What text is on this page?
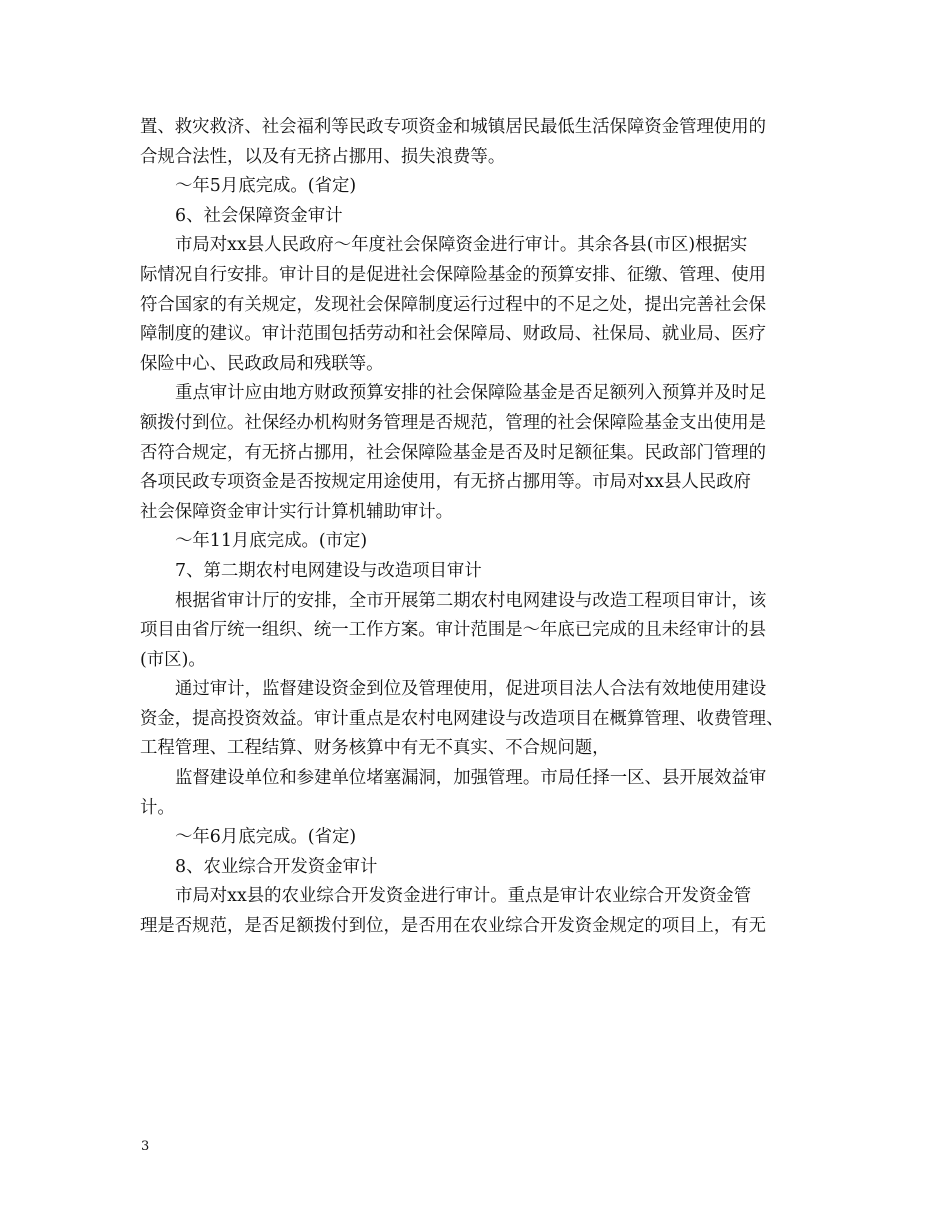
置、救灾救济、社会福利等民政专项资金和城镇居民最低生活保障资金管理使用的
合规合法性，以及有无挤占挪用、损失浪费等。
～年5月底完成。(省定)
6、社会保障资金审计
市局对xx县人民政府～年度社会保障资金进行审计。其余各县(市区)根据实
际情况自行安排。审计目的是促进社会保障险基金的预算安排、征缴、管理、使用
符合国家的有关规定，发现社会保障制度运行过程中的不足之处，提出完善社会保
障制度的建议。审计范围包括劳动和社会保障局、财政局、社保局、就业局、医疗
保险中心、民政政局和残联等。
重点审计应由地方财政预算安排的社会保障险基金是否足额列入预算并及时足
额拨付到位。社保经办机构财务管理是否规范，管理的社会保障险基金支出使用是
否符合规定，有无挤占挪用，社会保障险基金是否及时足额征集。民政部门管理的
各项民政专项资金是否按规定用途使用，有无挤占挪用等。市局对xx县人民政府
社会保障资金审计实行计算机辅助审计。
～年11月底完成。(市定)
7、第二期农村电网建设与改造项目审计
根据省审计厅的安排，全市开展第二期农村电网建设与改造工程项目审计，该
项目由省厅统一组织、统一工作方案。审计范围是～年底已完成的且未经审计的县
(市区)。
通过审计，监督建设资金到位及管理使用，促进项目法人合法有效地使用建设
资金，提高投资效益。审计重点是农村电网建设与改造项目在概算管理、收费管理、
工程管理、工程结算、财务核算中有无不真实、不合规问题，
监督建设单位和参建单位堵塞漏洞，加强管理。市局任择一区、县开展效益审
计。
～年6月底完成。(省定)
8、农业综合开发资金审计
市局对xx县的农业综合开发资金进行审计。重点是审计农业综合开发资金管
理是否规范，是否足额拨付到位，是否用在农业综合开发资金规定的项目上，有无
3
